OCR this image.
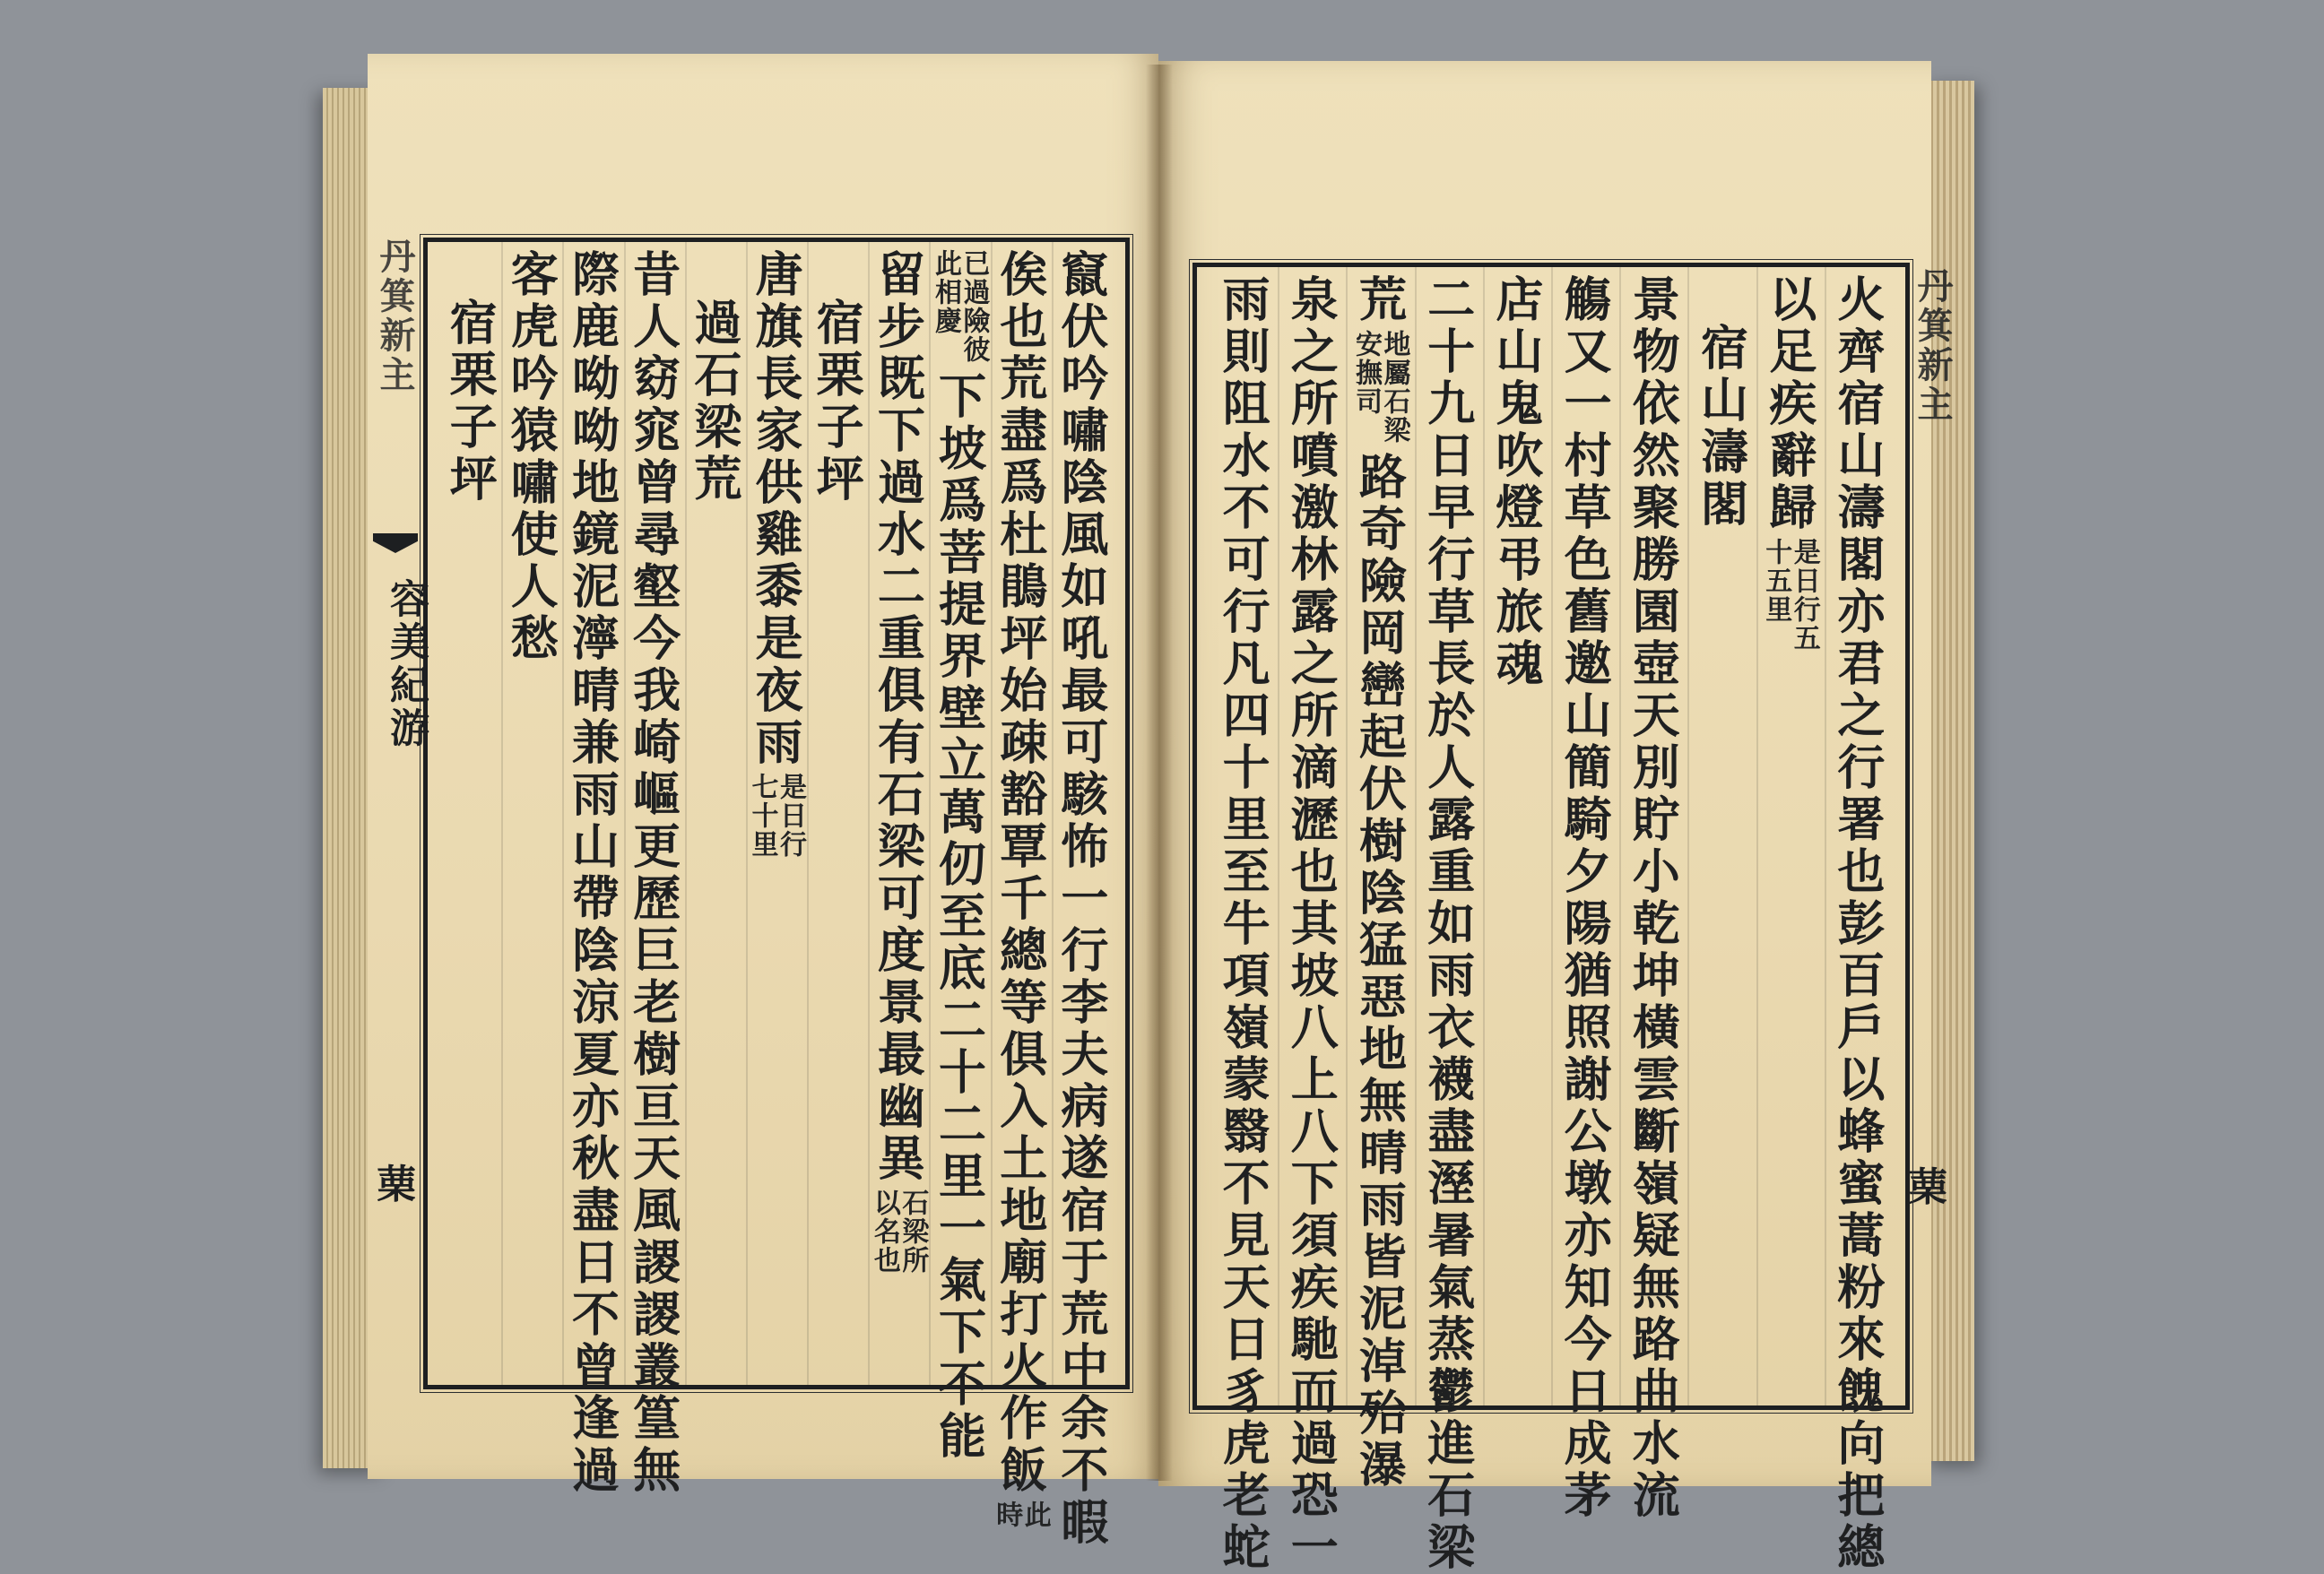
丹箕新主
容美紀游
䔁	竄伏吟嘯陰風如吼最可駭怖一行李夫病遂宿于荒中余不暇
俟也荒盡爲杜鵑坪始疎豁覃千總等俱入土地廟打火作飯
此時
已過險彼此相慶
下坡爲菩提界壁立萬仞至底二十二里一氣下不能
留步既下過水二重俱有石梁可度景最幽異
石梁所以名也
宿栗子坪
唐旗長家供雞黍是夜雨
是日行七十里
過石梁荒
昔人窈窕曾尋壑今我崎嶇更歷巨老樹亘天風謖謖叢篁無
際鹿呦呦地鏡泥濘晴兼雨山帶陰涼夏亦秋盡日不曾逢過
客虎吟猿嘯使人愁
宿栗子坪	丹箕新主
䔁
火齊宿山濤閣亦君之行署也彭百戶以蜂蜜蒿粉來餽向把總
以足疾辭歸
是日行五十五里
宿山濤閣
景物依然聚勝園壺天別貯小乾坤橫雲斷嶺疑無路曲水流
觴又一村草色舊邀山簡騎夕陽猶照謝公墩亦知今日成茅
店山鬼吹燈弔旅魂
二十九日早行草長於人露重如雨衣襪盡溼暑氣蒸鬱進石梁
荒
地屬石梁安撫司
路奇險岡巒起伏樹陰猛惡地無晴雨皆泥淖殆瀑
泉之所噴激林露之所滴瀝也其坡八上八下須疾馳而過恐一
雨則阻水不可行凡四十里至牛項嶺蒙翳不見天日豸虎老蛇
